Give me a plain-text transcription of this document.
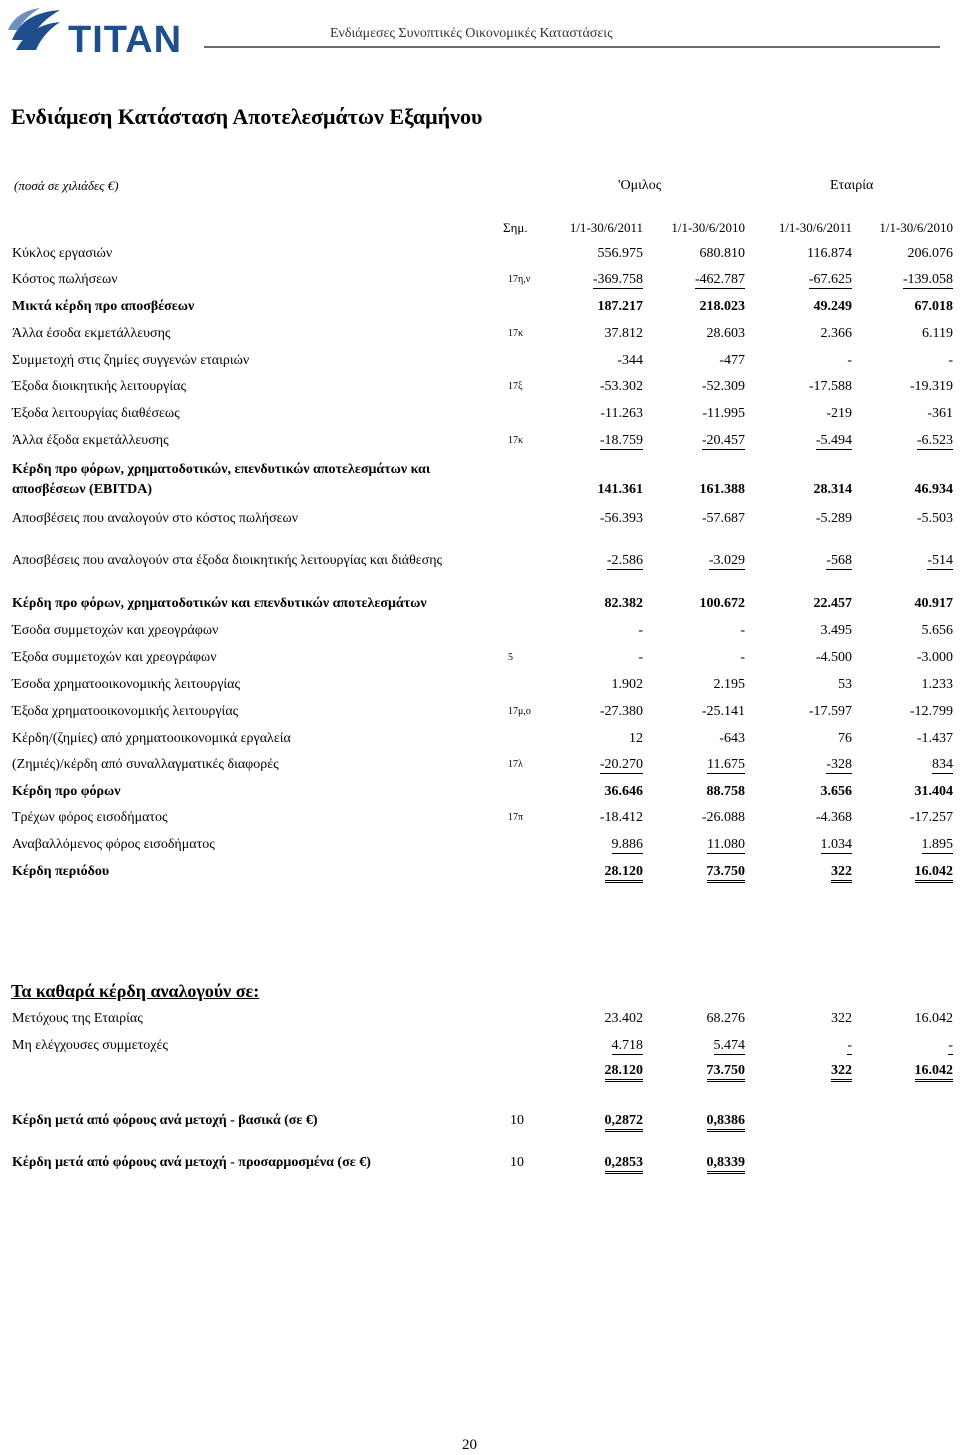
TITAN	Ενδιάμεσες Συνοπτικές Οικονομικές Καταστάσεις
Ενδιάμεση Κατάσταση Αποτελεσμάτων Εξαμήνου
(ποσά σε χιλιάδες €)	'Ομιλος	Εταιρία
Σημ.	1/1-30/6/2011	1/1-30/6/2010	1/1-30/6/2011	1/1-30/6/2010
Κύκλος εργασιών	556.975	680.810	116.874	206.076
Κόστος πωλήσεων	17η,ν	-369.758	-462.787	-67.625	-139.058
Μικτά κέρδη προ αποσβέσεων	187.217	218.023	49.249	67.018
Άλλα έσοδα εκμετάλλευσης	17κ	37.812	28.603	2.366	6.119
Συμμετοχή στις ζημίες συγγενών εταιριών	-344	-477	-	-
Έξοδα διοικητικής λειτουργίας	17ξ	-53.302	-52.309	-17.588	-19.319
Έξοδα λειτουργίας διαθέσεως	-11.263	-11.995	-219	-361
Άλλα έξοδα εκμετάλλευσης	17κ	-18.759	-20.457	-5.494	-6.523
Κέρδη προ φόρων, χρηματοδοτικών, επενδυτικών αποτελεσμάτων και αποσβέσεων (EBITDA)	141.361	161.388	28.314	46.934
Αποσβέσεις που αναλογούν στο κόστος πωλήσεων	-56.393	-57.687	-5.289	-5.503
Αποσβέσεις που αναλογούν στα έξοδα διοικητικής λειτουργίας και διάθεσης	-2.586	-3.029	-568	-514
Κέρδη προ φόρων, χρηματοδοτικών και επενδυτικών αποτελεσμάτων	82.382	100.672	22.457	40.917
Έσοδα συμμετοχών και χρεογράφων	-	-	3.495	5.656
Έξοδα συμμετοχών και χρεογράφων	5	-	-	-4.500	-3.000
Έσοδα χρηματοοικονομικής λειτουργίας	1.902	2.195	53	1.233
Έξοδα χρηματοοικονομικής λειτουργίας	17μ,ο	-27.380	-25.141	-17.597	-12.799
Κέρδη/(ζημίες) από χρηματοοικονομικά εργαλεία	12	-643	76	-1.437
(Ζημιές)/κέρδη από συναλλαγματικές διαφορές	17λ	-20.270	11.675	-328	834
Κέρδη προ φόρων	36.646	88.758	3.656	31.404
Τρέχων φόρος εισοδήματος	17π	-18.412	-26.088	-4.368	-17.257
Αναβαλλόμενος φόρος εισοδήματος	9.886	11.080	1.034	1.895
Κέρδη περιόδου	28.120	73.750	322	16.042
Τα καθαρά κέρδη αναλογούν σε:
Μετόχους της Εταιρίας	23.402	68.276	322	16.042
Μη ελέγχουσες συμμετοχές	4.718	5.474	-	-
28.120	73.750	322	16.042
Κέρδη μετά από φόρους ανά μετοχή - βασικά (σε €)	10	0,2872	0,8386
Κέρδη μετά από φόρους ανά μετοχή - προσαρμοσμένα (σε €)	10	0,2853	0,8339
20
